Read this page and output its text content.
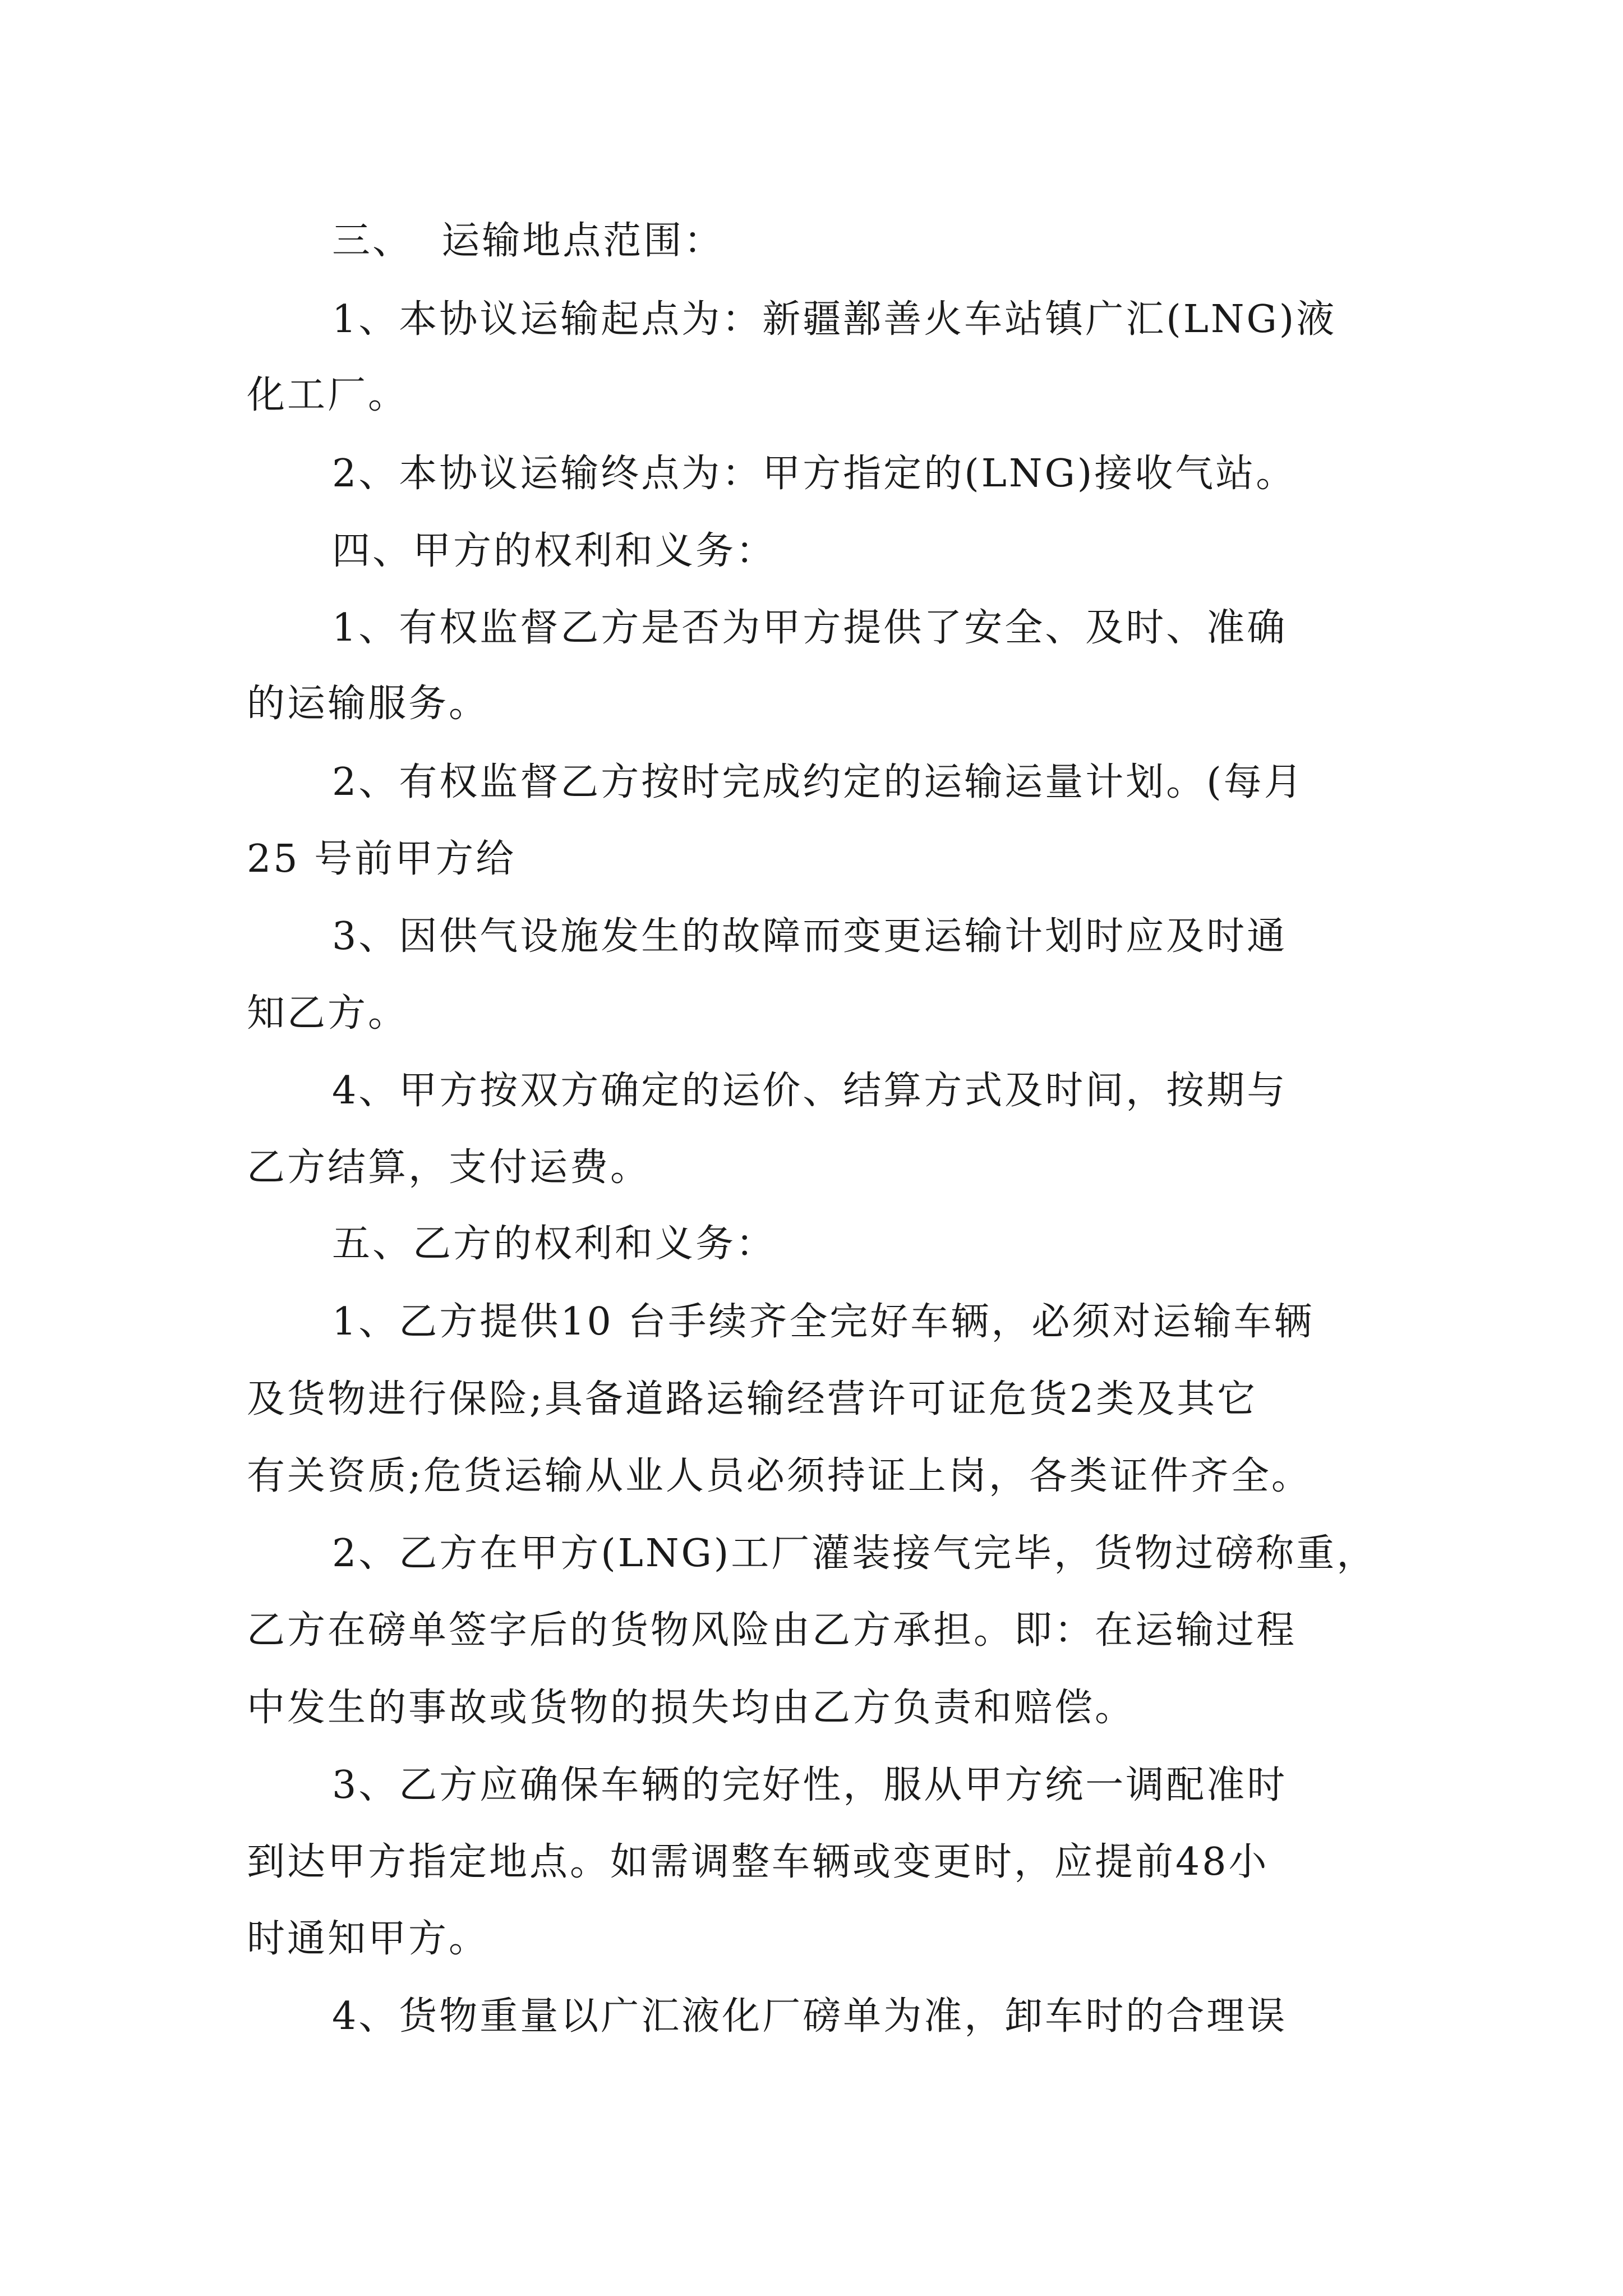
三、  运输地点范围：
1、本协议运输起点为：新疆鄯善火车站镇广汇(LNG)液
化工厂。
2、本协议运输终点为：甲方指定的(LNG)接收气站。
四、甲方的权利和义务：
1、有权监督乙方是否为甲方提供了安全、及时、准确
的运输服务。
2、有权监督乙方按时完成约定的运输运量计划。(每月
25 号前甲方给
3、因供气设施发生的故障而变更运输计划时应及时通
知乙方。
4、甲方按双方确定的运价、结算方式及时间，按期与
乙方结算，支付运费。
五、乙方的权利和义务：
1、乙方提供10 台手续齐全完好车辆，必须对运输车辆
及货物进行保险;具备道路运输经营许可证危货2类及其它
有关资质;危货运输从业人员必须持证上岗，各类证件齐全。
2、乙方在甲方(LNG)工厂灌装接气完毕，货物过磅称重，
乙方在磅单签字后的货物风险由乙方承担。即：在运输过程
中发生的事故或货物的损失均由乙方负责和赔偿。
3、乙方应确保车辆的完好性，服从甲方统一调配准时
到达甲方指定地点。如需调整车辆或变更时，应提前48小
时通知甲方。
4、货物重量以广汇液化厂磅单为准，卸车时的合理误
